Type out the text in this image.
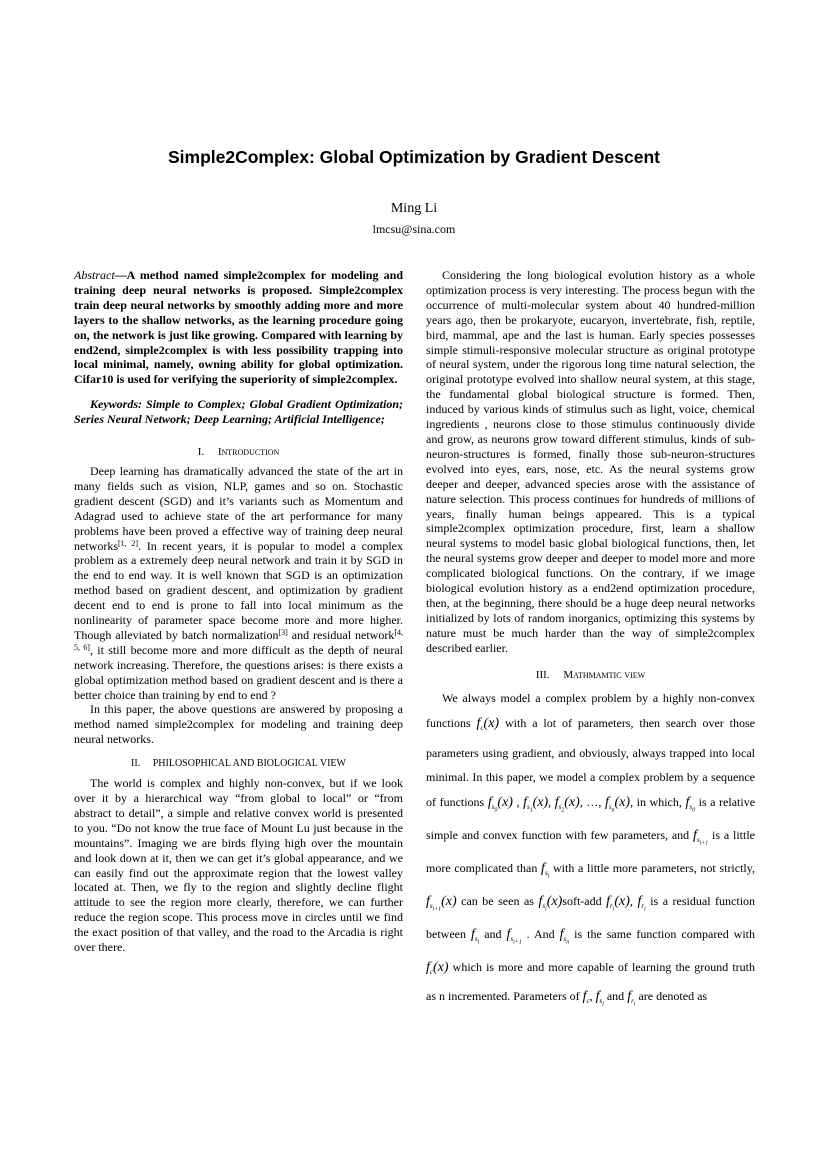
Simple2Complex: Global Optimization by Gradient Descent
Ming Li
lmcsu@sina.com

Abstract—A method named simple2complex for modeling and training deep neural networks is proposed. Simple2complex train deep neural networks by smoothly adding more and more layers to the shallow networks, as the learning procedure going on, the network is just like growing. Compared with learning by end2end, simple2complex is with less possibility trapping into local minimal, namely, owning ability for global optimization. Cifar10 is used for verifying the superiority of simple2complex.

Keywords: Simple to Complex; Global Gradient Optimization; Series Neural Network; Deep Learning; Artificial Intelligence;

I. Introduction

Deep learning has dramatically advanced the state of the art in many fields such as vision, NLP, games and so on. Stochastic gradient descent (SGD) and it’s variants such as Momentum and Adagrad used to achieve state of the art performance for many problems have been proved a effective way of training deep neural networks[1, 2]. In recent years, it is popular to model a complex problem as a extremely deep neural network and train it by SGD in the end to end way. It is well known that SGD is an optimization method based on gradient descent, and optimization by gradient decent end to end is prone to fall into local minimum as the nonlinearity of parameter space become more and more higher. Though alleviated by batch normalization[3] and residual network[4, 5, 6], it still become more and more difficult as the depth of neural network increasing. Therefore, the questions arises: is there exists a global optimization method based on gradient descent and is there a better choice than training by end to end ?

In this paper, the above questions are answered by proposing a method named simple2complex for modeling and training deep neural networks.

II. PHILOSOPHICAL AND BIOLOGICAL VIEW

The world is complex and highly non-convex, but if we look over it by a hierarchical way “from global to local” or “from abstract to detail”, a simple and relative convex world is presented to you. “Do not know the true face of Mount Lu just because in the mountains”. Imaging we are birds flying high over the mountain and look down at it, then we can get it’s global appearance, and we can easily find out the approximate region that the lowest valley located at. Then, we fly to the region and slightly decline flight attitude to see the region more clearly, therefore, we can further reduce the region scope. This process move in circles until we find the exact position of that valley, and the road to the Arcadia is right over there.

Considering the long biological evolution history as a whole optimization process is very interesting. The process begun with the occurrence of multi-molecular system about 40 hundred-million years ago, then be prokaryote, eucaryon, invertebrate, fish, reptile, bird, mammal, ape and the last is human. Early species possesses simple stimuli-responsive molecular structure as original prototype of neural system, under the rigorous long time natural selection, the original prototype evolved into shallow neural system, at this stage, the fundamental global biological structure is formed. Then, induced by various kinds of stimulus such as light, voice, chemical ingredients , neurons close to those stimulus continuously divide and grow, as neurons grow toward different stimulus, kinds of sub-neuron-structures is formed, finally those sub-neuron-structures evolved into eyes, ears, nose, etc. As the neural systems grow deeper and deeper, advanced species arose with the assistance of nature selection. This process continues for hundreds of millions of years, finally human beings appeared. This is a typical simple2complex optimization procedure, first, learn a shallow neural systems to model basic global biological functions, then, let the neural systems grow deeper and deeper to model more and more complicated biological functions. On the contrary, if we image biological evolution history as a end2end optimization procedure, then, at the beginning, there should be a huge deep neural networks initialized by lots of random inorganics, optimizing this systems by nature must be much harder than the way of simple2complex described earlier.

III. Mathmamtic view

We always model a complex problem by a highly non-convex functions $f_c(x)$ with a lot of parameters, then search over those parameters using gradient, and obviously, always trapped into local minimal. In this paper, we model a complex problem by a sequence of functions $f_{s_0}(x)$ , $f_{s_1}(x)$, $f_{s_2}(x)$, …, $f_{s_n}(x)$, in which, $f_{s_0}$ is a relative simple and convex function with few parameters, and $f_{s_{i+1}}$ is a little more complicated than $f_{s_i}$ with a little more parameters, not strictly, $f_{s_{i+1}}(x)$ can be seen as $f_{s_i}(x)soft$-add $f_{r_i}(x)$, $f_{r_i}$ is a residual function between $f_{s_i}$ and $f_{s_{i+1}}$ . And $f_{s_n}$ is the same function compared with $f_c(x)$ which is more and more capable of learning the ground truth as n incremented. Parameters of $f_c$, $f_{s_i}$ and $f_{r_i}$ are denoted as
